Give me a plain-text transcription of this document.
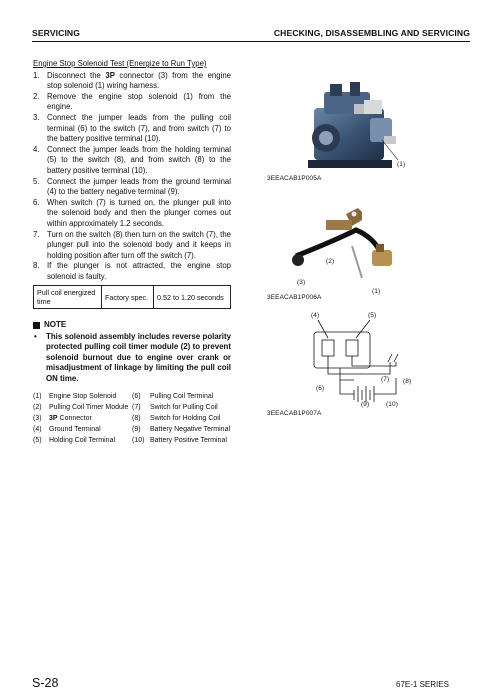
SERVICING	CHECKING, DISASSEMBLING AND SERVICING
Engine Stop Solenoid Test (Energize to Run Type)
1. Disconnect the 3P connector (3) from the engine stop solenoid (1) wiring harness.
2. Remove the engine stop solenoid (1) from the engine.
3. Connect the jumper leads from the pulling coil terminal (6) to the switch (7), and from switch (7) to the battery positive terminal (10).
4. Connect the jumper leads from the holding terminal (5) to the switch (8), and from switch (8) to the battery positive terminal (10).
5. Connect the jumper leads from the ground terminal (4) to the battery negative terminal (9).
6. When switch (7) is turned on, the plunger pull into the solenoid body and then the plunger comes out within approximately 1.2 seconds.
7. Turn on the switch (8) then turn on the switch (7), the plunger pull into the solenoid body and it keeps in holding position after turn off the switch (7).
8. If the plunger is not attracted, the engine stop solenoid is faulty.
Pull coil energized time	Factory spec.	0.52 to 1.20 seconds
NOTE
• This solenoid assembly includes reverse polarity protected pulling coil timer module (2) to prevent solenoid burnout due to engine over crank or misadjustment of linkage by limiting the pull coil ON time.
(1) Engine Stop Solenoid
(2) Pulling Coil Timer Module
(3) 3P Connector
(4) Ground Terminal
(5) Holding Coil Terminal
(6) Pulling Coil Terminal
(7) Switch for Pulling Coil
(8) Switch for Holding Coil
(9) Battery Negative Terminal
(10) Battery Positive Terminal
(1)
3EEACAB1P005A
(2)
(3)
(1)
3EEACAB1P006A
(4)	(5)
(6)
(7) (8)
(9)	(10)
3EEACAB1P007A
S-28	67E-1 SERIES
